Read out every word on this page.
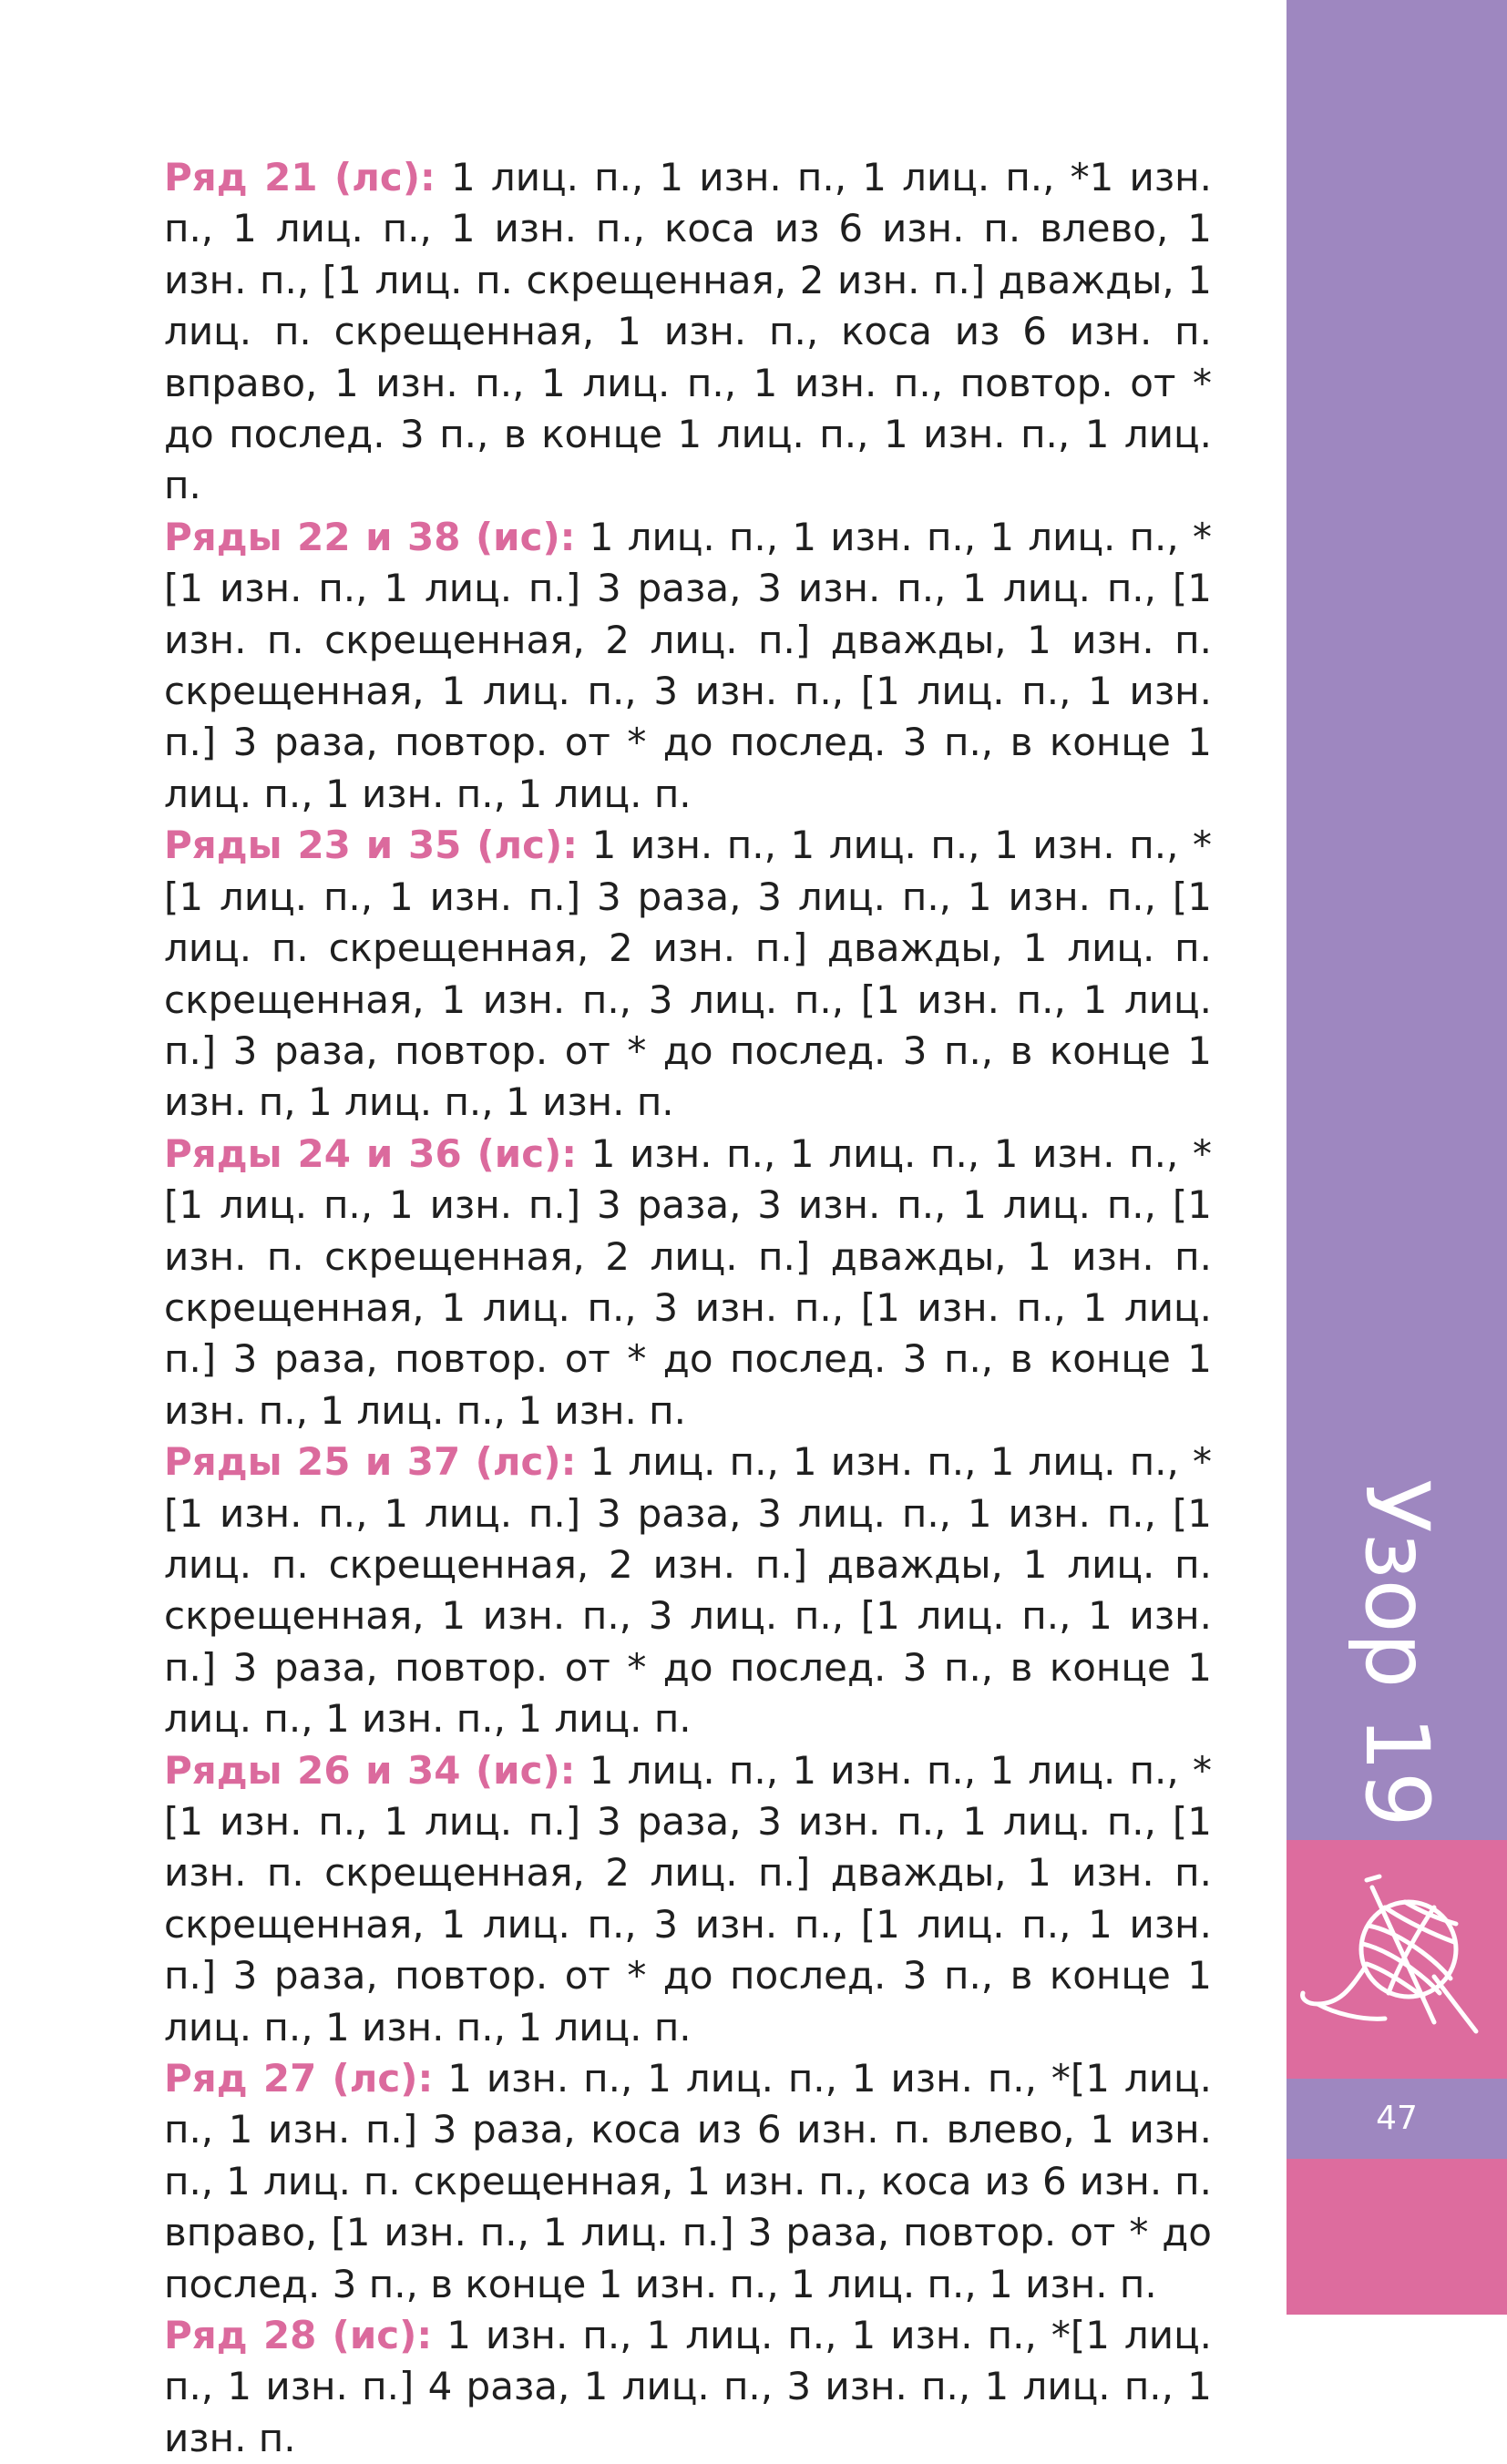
Ряд 21 (лс): 1 лиц. п., 1 изн. п., 1 лиц. п., *1 изн. п., 1 лиц. п., 1 изн. п., коса из 6 изн. п. влево, 1 изн. п., [1 лиц. п. скрещенная, 2 изн. п.] дважды, 1 лиц. п. скрещенная, 1 изн. п., коса из 6 изн. п. вправо, 1 изн. п., 1 лиц. п., 1 изн. п., повтор. от * до послед. 3 п., в конце 1 лиц. п., 1 изн. п., 1 лиц. п.

Ряды 22 и 38 (ис): 1 лиц. п., 1 изн. п., 1 лиц. п., *[1 изн. п., 1 лиц. п.] 3 раза, 3 изн. п., 1 лиц. п., [1 изн. п. скрещенная, 2 лиц. п.] дважды, 1 изн. п. скрещенная, 1 лиц. п., 3 изн. п., [1 лиц. п., 1 изн. п.] 3 раза, повтор. от * до послед. 3 п., в конце 1 лиц. п., 1 изн. п., 1 лиц. п.

Ряды 23 и 35 (лс): 1 изн. п., 1 лиц. п., 1 изн. п., *[1 лиц. п., 1 изн. п.] 3 раза, 3 лиц. п., 1 изн. п., [1 лиц. п. скрещенная, 2 изн. п.] дважды, 1 лиц. п. скрещенная, 1 изн. п., 3 лиц. п., [1 изн. п., 1 лиц. п.] 3 раза, повтор. от * до послед. 3 п., в конце 1 изн. п, 1 лиц. п., 1 изн. п.

Ряды 24 и 36 (ис): 1 изн. п., 1 лиц. п., 1 изн. п., *[1 лиц. п., 1 изн. п.] 3 раза, 3 изн. п., 1 лиц. п., [1 изн. п. скрещенная, 2 лиц. п.] дважды, 1 изн. п. скрещенная, 1 лиц. п., 3 изн. п., [1 изн. п., 1 лиц. п.] 3 раза, повтор. от * до послед. 3 п., в конце 1 изн. п., 1 лиц. п., 1 изн. п.

Ряды 25 и 37 (лс): 1 лиц. п., 1 изн. п., 1 лиц. п., *[1 изн. п., 1 лиц. п.] 3 раза, 3 лиц. п., 1 изн. п., [1 лиц. п. скрещенная, 2 изн. п.] дважды, 1 лиц. п. скрещенная, 1 изн. п., 3 лиц. п., [1 лиц. п., 1 изн. п.] 3 раза, повтор. от * до послед. 3 п., в конце 1 лиц. п., 1 изн. п., 1 лиц. п.

Ряды 26 и 34 (ис): 1 лиц. п., 1 изн. п., 1 лиц. п., *[1 изн. п., 1 лиц. п.] 3 раза, 3 изн. п., 1 лиц. п., [1 изн. п. скрещенная, 2 лиц. п.] дважды, 1 изн. п. скрещенная, 1 лиц. п., 3 изн. п., [1 лиц. п., 1 изн. п.] 3 раза, повтор. от * до послед. 3 п., в конце 1 лиц. п., 1 изн. п., 1 лиц. п.

Ряд 27 (лс): 1 изн. п., 1 лиц. п., 1 изн. п., *[1 лиц. п., 1 изн. п.] 3 раза, коса из 6 изн. п. влево, 1 изн. п., 1 лиц. п. скрещенная, 1 изн. п., коса из 6 изн. п. вправо, [1 изн. п., 1 лиц. п.] 3 раза, повтор. от * до послед. 3 п., в конце 1 изн. п., 1 лиц. п., 1 изн. п.

Ряд 28 (ис): 1 изн. п., 1 лиц. п., 1 изн. п., *[1 лиц. п., 1 изн. п.] 4 раза, 1 лиц. п., 3 изн. п., 1 лиц. п., 1 изн. п.

Узор 19
47
